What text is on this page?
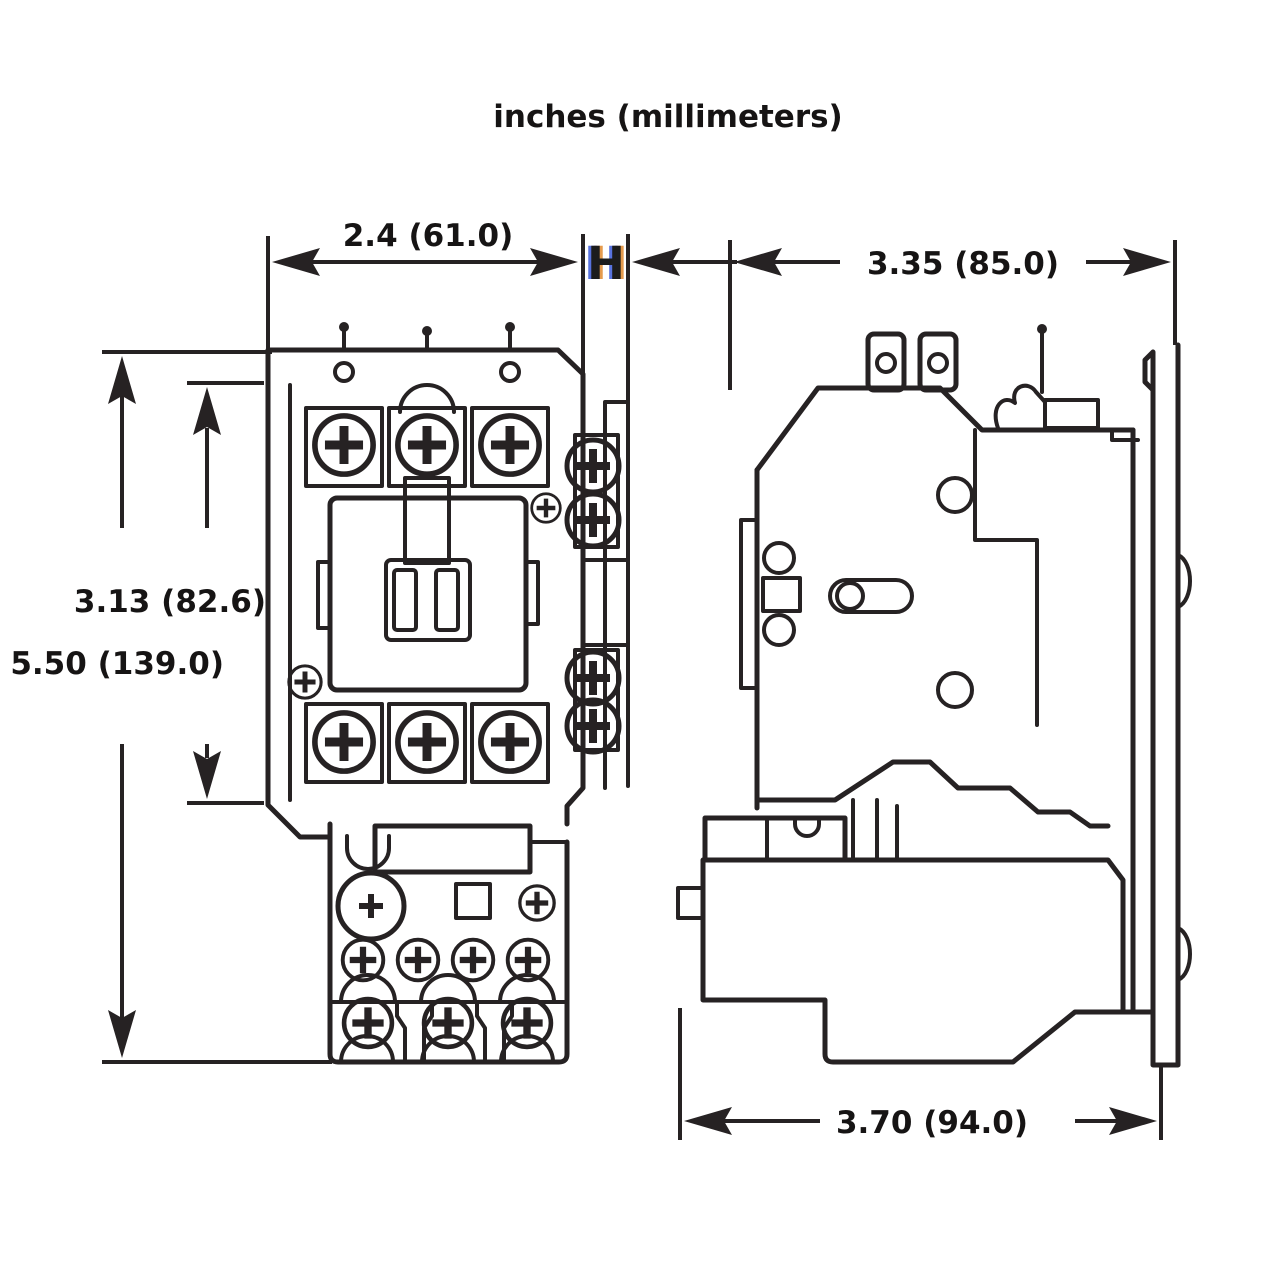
inches (millimeters)
2.4 (61.0)
H	3.35 (85.0)
5.50 (139.0)
3.13 (82.6)
3.70 (94.0)
